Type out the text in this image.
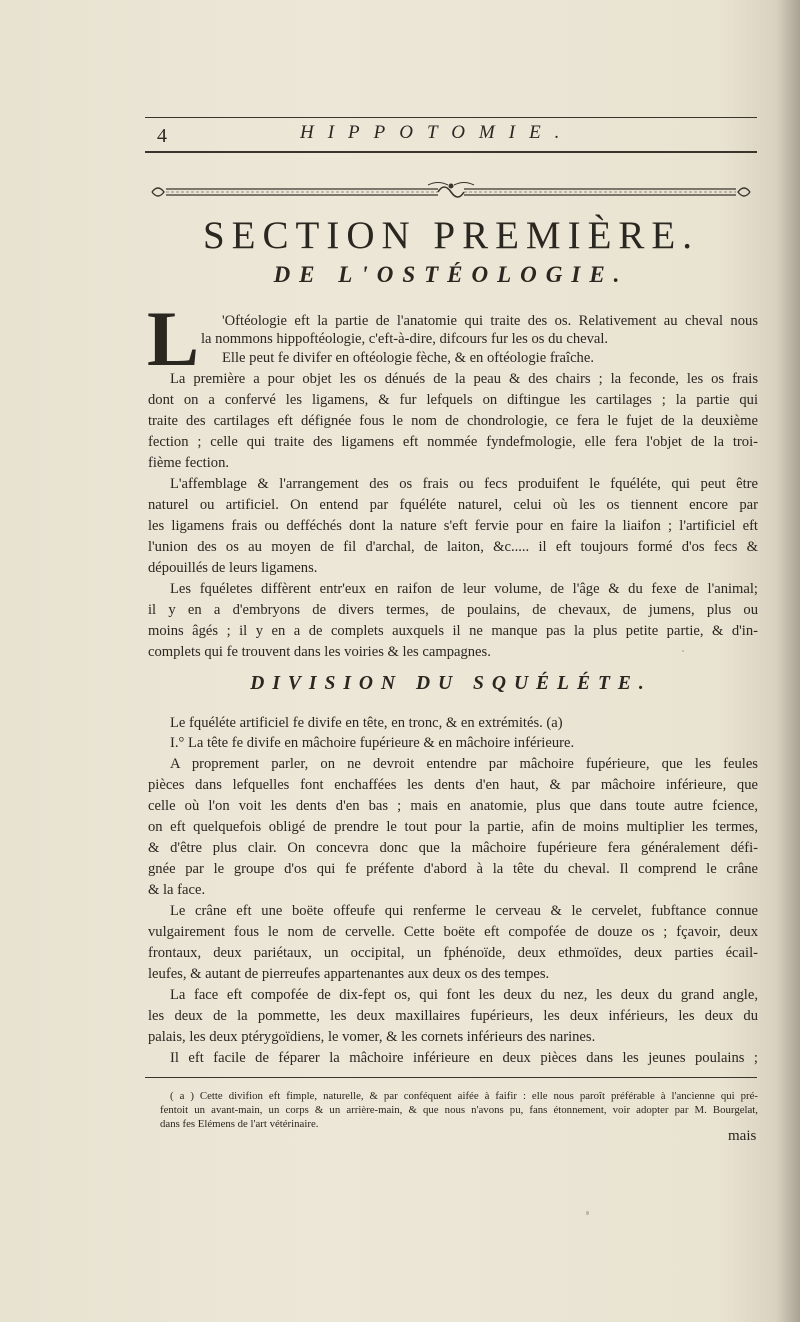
4	HIPPOTOMIE.
SECTION PREMIÈRE.
DE L'OSTÉOLOGIE.
L 'Oftéologie eft la partie de l'anatomie qui traite des os. Relativement au cheval nous
la nommons hippoftéologie, c'eft-à-dire, difcours fur les os du cheval.
Elle peut fe divifer en oftéologie fèche, & en oftéologie fraîche.
La première a pour objet les os dénués de la peau & des chairs ; la feconde, les os frais
dont on a confervé les ligamens, & fur lefquels on diftingue les cartilages ; la partie qui
traite des cartilages eft défignée fous le nom de chondrologie, ce fera le fujet de la deuxième
fection ; celle qui traite des ligamens eft nommée fyndefmologie, elle fera l'objet de la troi-
fième fection.
L'affemblage & l'arrangement des os frais ou fecs produifent le fquéléte, qui peut être
naturel ou artificiel. On entend par fquéléte naturel, celui où les os tiennent encore par
les ligamens frais ou defféchés dont la nature s'eft fervie pour en faire la liaifon ; l'artificiel eft
l'union des os au moyen de fil d'archal, de laiton, &c..... il eft toujours formé d'os fecs &
dépouillés de leurs ligamens.
Les fquéletes diffèrent entr'eux en raifon de leur volume, de l'âge & du fexe de l'animal;
il y en a d'embryons de divers termes, de poulains, de chevaux, de jumens, plus ou
moins âgés ; il y en a de complets auxquels il ne manque pas la plus petite partie, & d'in-
complets qui fe trouvent dans les voiries & les campagnes.
DIVISION DU SQUÉLÉTE.
Le fquéléte artificiel fe divife en tête, en tronc, & en extrémités. (a)
I.° La tête fe divife en mâchoire fupérieure & en mâchoire inférieure.
A proprement parler, on ne devroit entendre par mâchoire fupérieure, que les feules
pièces dans lefquelles font enchaffées les dents d'en haut, & par mâchoire inférieure, que
celle où l'on voit les dents d'en bas ; mais en anatomie, plus que dans toute autre fcience,
on eft quelquefois obligé de prendre le tout pour la partie, afin de moins multiplier les termes,
& d'être plus clair. On concevra donc que la mâchoire fupérieure fera généralement défi-
gnée par le groupe d'os qui fe préfente d'abord à la tête du cheval. Il comprend le crâne
& la face.
Le crâne eft une boëte offeufe qui renferme le cerveau & le cervelet, fubftance connue
vulgairement fous le nom de cervelle. Cette boëte eft compofée de douze os ; fçavoir, deux
frontaux, deux pariétaux, un occipital, un fphénoïde, deux ethmoïdes, deux parties écail-
leufes, & autant de pierreufes appartenantes aux deux os des tempes.
La face eft compofée de dix-fept os, qui font les deux du nez, les deux du grand angle,
les deux de la pommette, les deux maxillaires fupérieurs, les deux inférieurs, les deux du
palais, les deux ptérygoïdiens, le vomer, & les cornets inférieurs des narines.
Il eft facile de féparer la mâchoire inférieure en deux pièces dans les jeunes poulains ;
( a ) Cette divifion eft fimple, naturelle, & par conféquent aifée à faifir : elle nous paroît préférable à l'ancienne qui pré-
fentoit un avant-main, un corps & un arrière-main, & que nous n'avons pu, fans étonnement, voir adopter par M. Bourgelat,
dans fes Elémens de l'art vétérinaire.
mais
